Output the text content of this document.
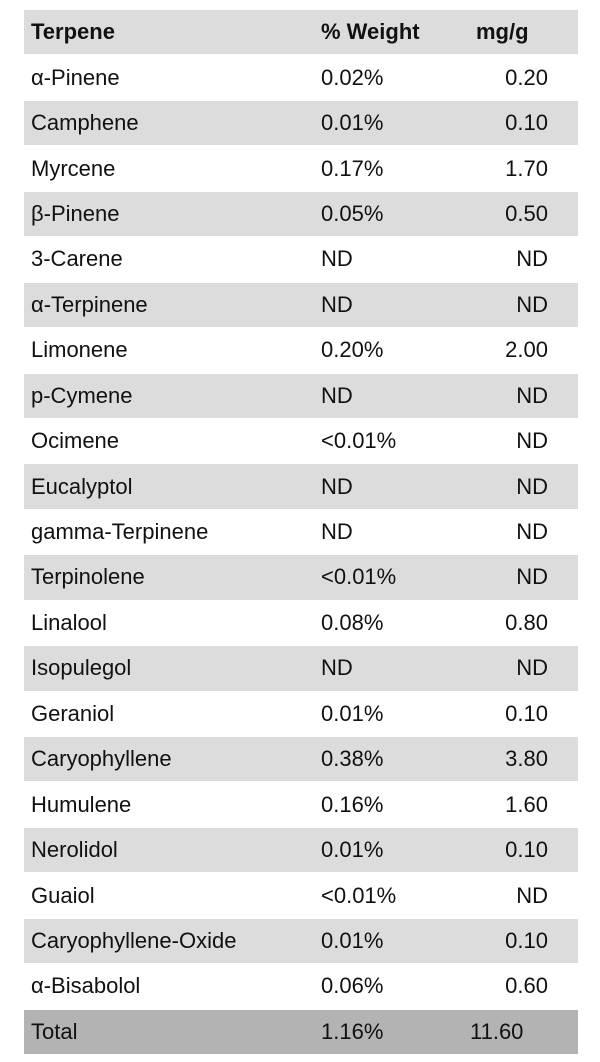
Terpene	% Weight	mg/g
α-Pinene	0.02%	0.20
Camphene	0.01%	0.10
Myrcene	0.17%	1.70
β-Pinene	0.05%	0.50
3-Carene	ND	ND
α-Terpinene	ND	ND
Limonene	0.20%	2.00
p-Cymene	ND	ND
Ocimene	<0.01%	ND
Eucalyptol	ND	ND
gamma-Terpinene	ND	ND
Terpinolene	<0.01%	ND
Linalool	0.08%	0.80
Isopulegol	ND	ND
Geraniol	0.01%	0.10
Caryophyllene	0.38%	3.80
Humulene	0.16%	1.60
Nerolidol	0.01%	0.10
Guaiol	<0.01%	ND
Caryophyllene-Oxide	0.01%	0.10
α-Bisabolol	0.06%	0.60
Total	1.16%	11.60
